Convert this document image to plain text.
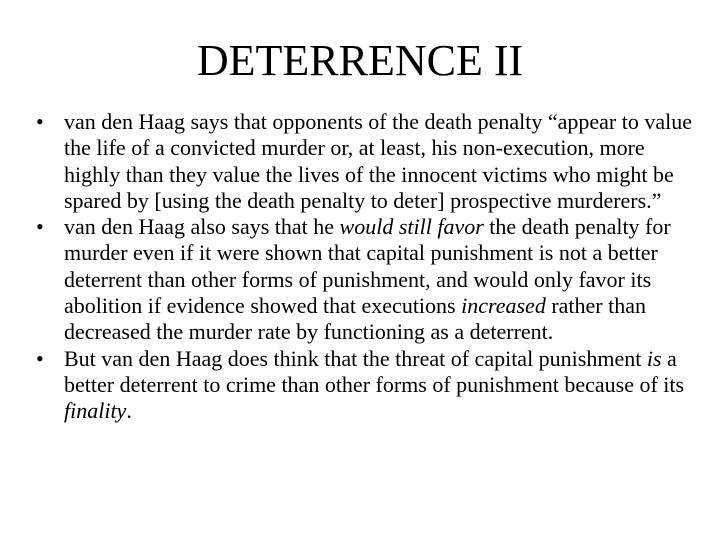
DETERRENCE II
• van den Haag says that opponents of the death penalty “appear to value the life of a convicted murder or, at least, his non-execution, more highly than they value the lives of the innocent victims who might be spared by [using the death penalty to deter] prospective murderers.”
• van den Haag also says that he would still favor the death penalty for murder even if it were shown that capital punishment is not a better deterrent than other forms of punishment, and would only favor its abolition if evidence showed that executions increased rather than decreased the murder rate by functioning as a deterrent.
• But van den Haag does think that the threat of capital punishment is a better deterrent to crime than other forms of punishment because of its finality.
